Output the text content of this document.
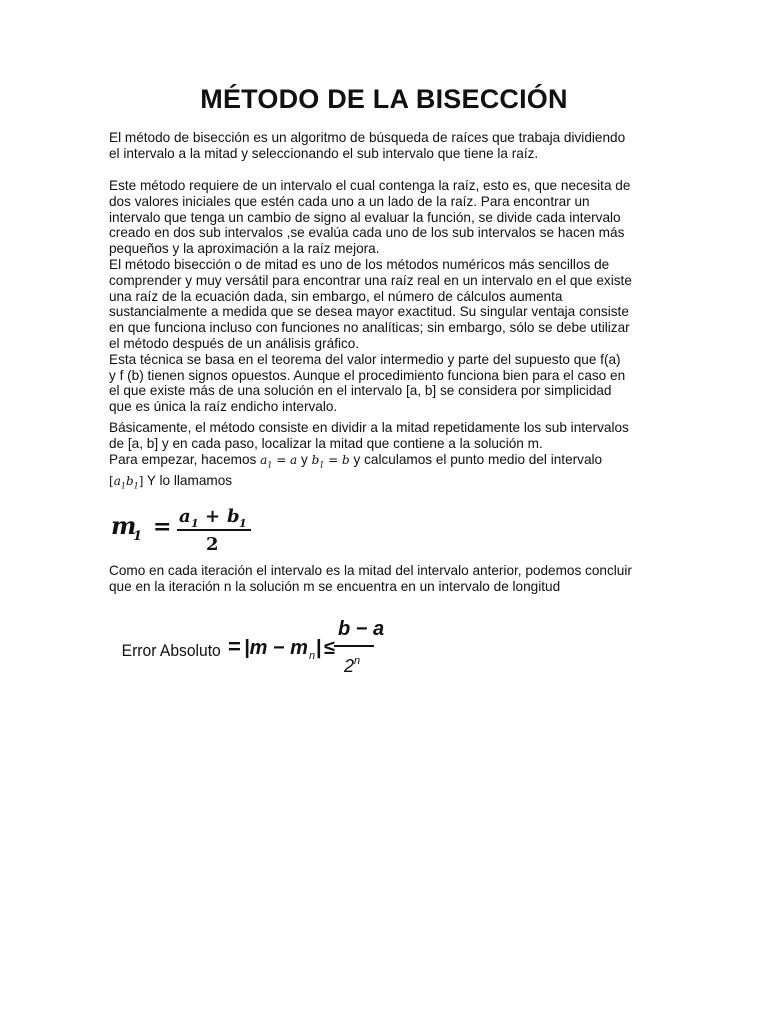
MÉTODO DE LA BISECCIÓN

El método de bisección es un algoritmo de búsqueda de raíces que trabaja dividiendo
el intervalo a la mitad y seleccionando el sub intervalo que tiene la raíz.

Este método requiere de un intervalo el cual contenga la raíz, esto es, que necesita de
dos valores iniciales que estén cada uno a un lado de la raíz. Para encontrar un
intervalo que tenga un cambio de signo al evaluar la función, se divide cada intervalo
creado en dos sub intervalos ,se evalúa cada uno de los sub intervalos se hacen más
pequeños y la aproximación a la raíz mejora.
El método bisección o de mitad es uno de los métodos numéricos más sencillos de
comprender y muy versátil para encontrar una raíz real en un intervalo en el que existe
una raíz de la ecuación dada, sin embargo, el número de cálculos aumenta
sustancialmente a medida que se desea mayor exactitud. Su singular ventaja consiste
en que funciona incluso con funciones no analíticas; sin embargo, sólo se debe utilizar
el método después de un análisis gráfico.
Esta técnica se basa en el teorema del valor intermedio y parte del supuesto que f(a)
y f (b) tienen signos opuestos. Aunque el procedimiento funciona bien para el caso en
el que existe más de una solución en el intervalo [a, b] se considera por simplicidad
que es única la raíz endicho intervalo.

Básicamente, el método consiste en dividir a la mitad repetidamente los sub intervalos
de [a, b] y en cada paso, localizar la mitad que contiene a la solución m.
Para empezar, hacemos $a_1 = a$ y $b_1 = b$ y calculamos el punto medio del intervalo
$[a_1b_1]$ Y lo llamamos

m
1 = a 1 + b 1
2

Como en cada iteración el intervalo es la mitad del intervalo anterior, podemos concluir
que en la iteración n la solución m se encuentra en un intervalo de longitud

Error Absoluto = |m − m n | ≤
b − a
2 n
